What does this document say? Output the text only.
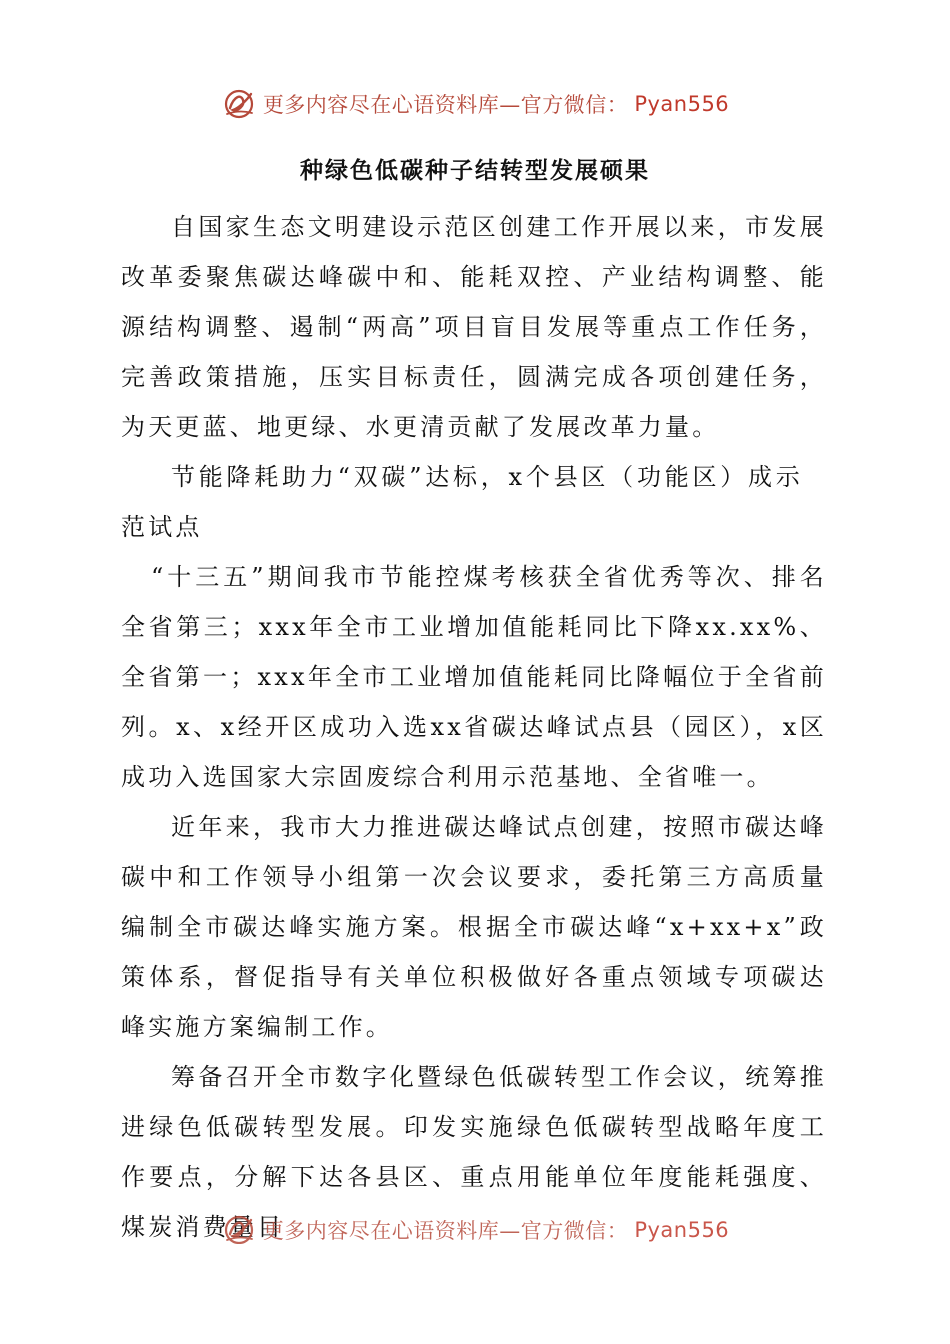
更多内容尽在心语资料库—官方微信： Pyan556
种绿色低碳种子结转型发展硕果

自国家生态文明建设示范区创建工作开展以来，市发展改革委聚焦碳达峰碳中和、能耗双控、产业结构调整、能源结构调整、遏制“两高”项目盲目发展等重点工作任务，完善政策措施，压实目标责任，圆满完成各项创建任务，为天更蓝、地更绿、水更清贡献了发展改革力量。

节能降耗助力“双碳”达标，x个县区（功能区）成示范试点

“十三五”期间我市节能控煤考核获全省优秀等次、排名全省第三；xxx年全市工业增加值能耗同比下降xx.xx%、全省第一；xxx年全市工业增加值能耗同比降幅位于全省前列。x、x经开区成功入选xx省碳达峰试点县（园区），x区成功入选国家大宗固废综合利用示范基地、全省唯一。

近年来，我市大力推进碳达峰试点创建，按照市碳达峰碳中和工作领导小组第一次会议要求，委托第三方高质量编制全市碳达峰实施方案。根据全市碳达峰“x+xx+x”政策体系，督促指导有关单位积极做好各重点领域专项碳达峰实施方案编制工作。

筹备召开全市数字化暨绿色低碳转型工作会议，统筹推进绿色低碳转型发展。印发实施绿色低碳转型战略年度工作要点，分解下达各县区、重点用能单位年度能耗强度、煤炭消费量目

更多内容尽在心语资料库—官方微信： Pyan556
